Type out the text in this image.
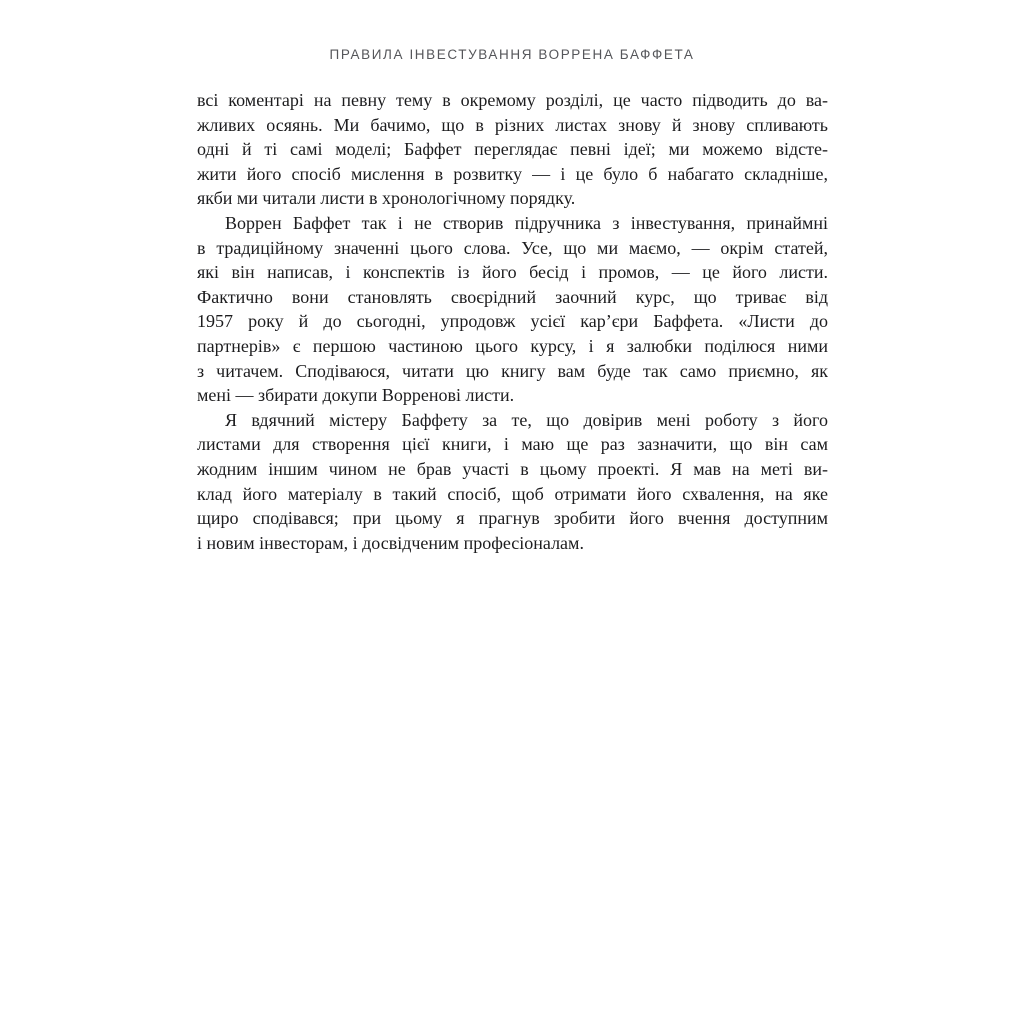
ПРАВИЛА ІНВЕСТУВАННЯ ВОРРЕНА БАФФЕТА
всі коментарі на певну тему в окремому розділі, це часто підводить до ва-
жливих осяянь. Ми бачимо, що в різних листах знову й знову спливають
одні й ті самі моделі; Баффет переглядає певні ідеї; ми можемо відсте-
жити його спосіб мислення в розвитку — і це було б набагато складніше,
якби ми читали листи в хронологічному порядку.
Воррен Баффет так і не створив підручника з інвестування, принаймні
в традиційному значенні цього слова. Усе, що ми маємо, — окрім статей,
які він написав, і конспектів із його бесід і промов, — це його листи.
Фактично вони становлять своєрідний заочний курс, що триває від
1957 року й до сьогодні, упродовж усієї кар’єри Баффета. «Листи до
партнерів» є першою частиною цього курсу, і я залюбки поділюся ними
з читачем. Сподіваюся, читати цю книгу вам буде так само приємно, як
мені — збирати докупи Ворренові листи.
Я вдячний містеру Баффету за те, що довірив мені роботу з його
листами для створення цієї книги, і маю ще раз зазначити, що він сам
жодним іншим чином не брав участі в цьому проекті. Я мав на меті ви-
клад його матеріалу в такий спосіб, щоб отримати його схвалення, на яке
щиро сподівався; при цьому я прагнув зробити його вчення доступним
і новим інвесторам, і досвідченим професіоналам.
